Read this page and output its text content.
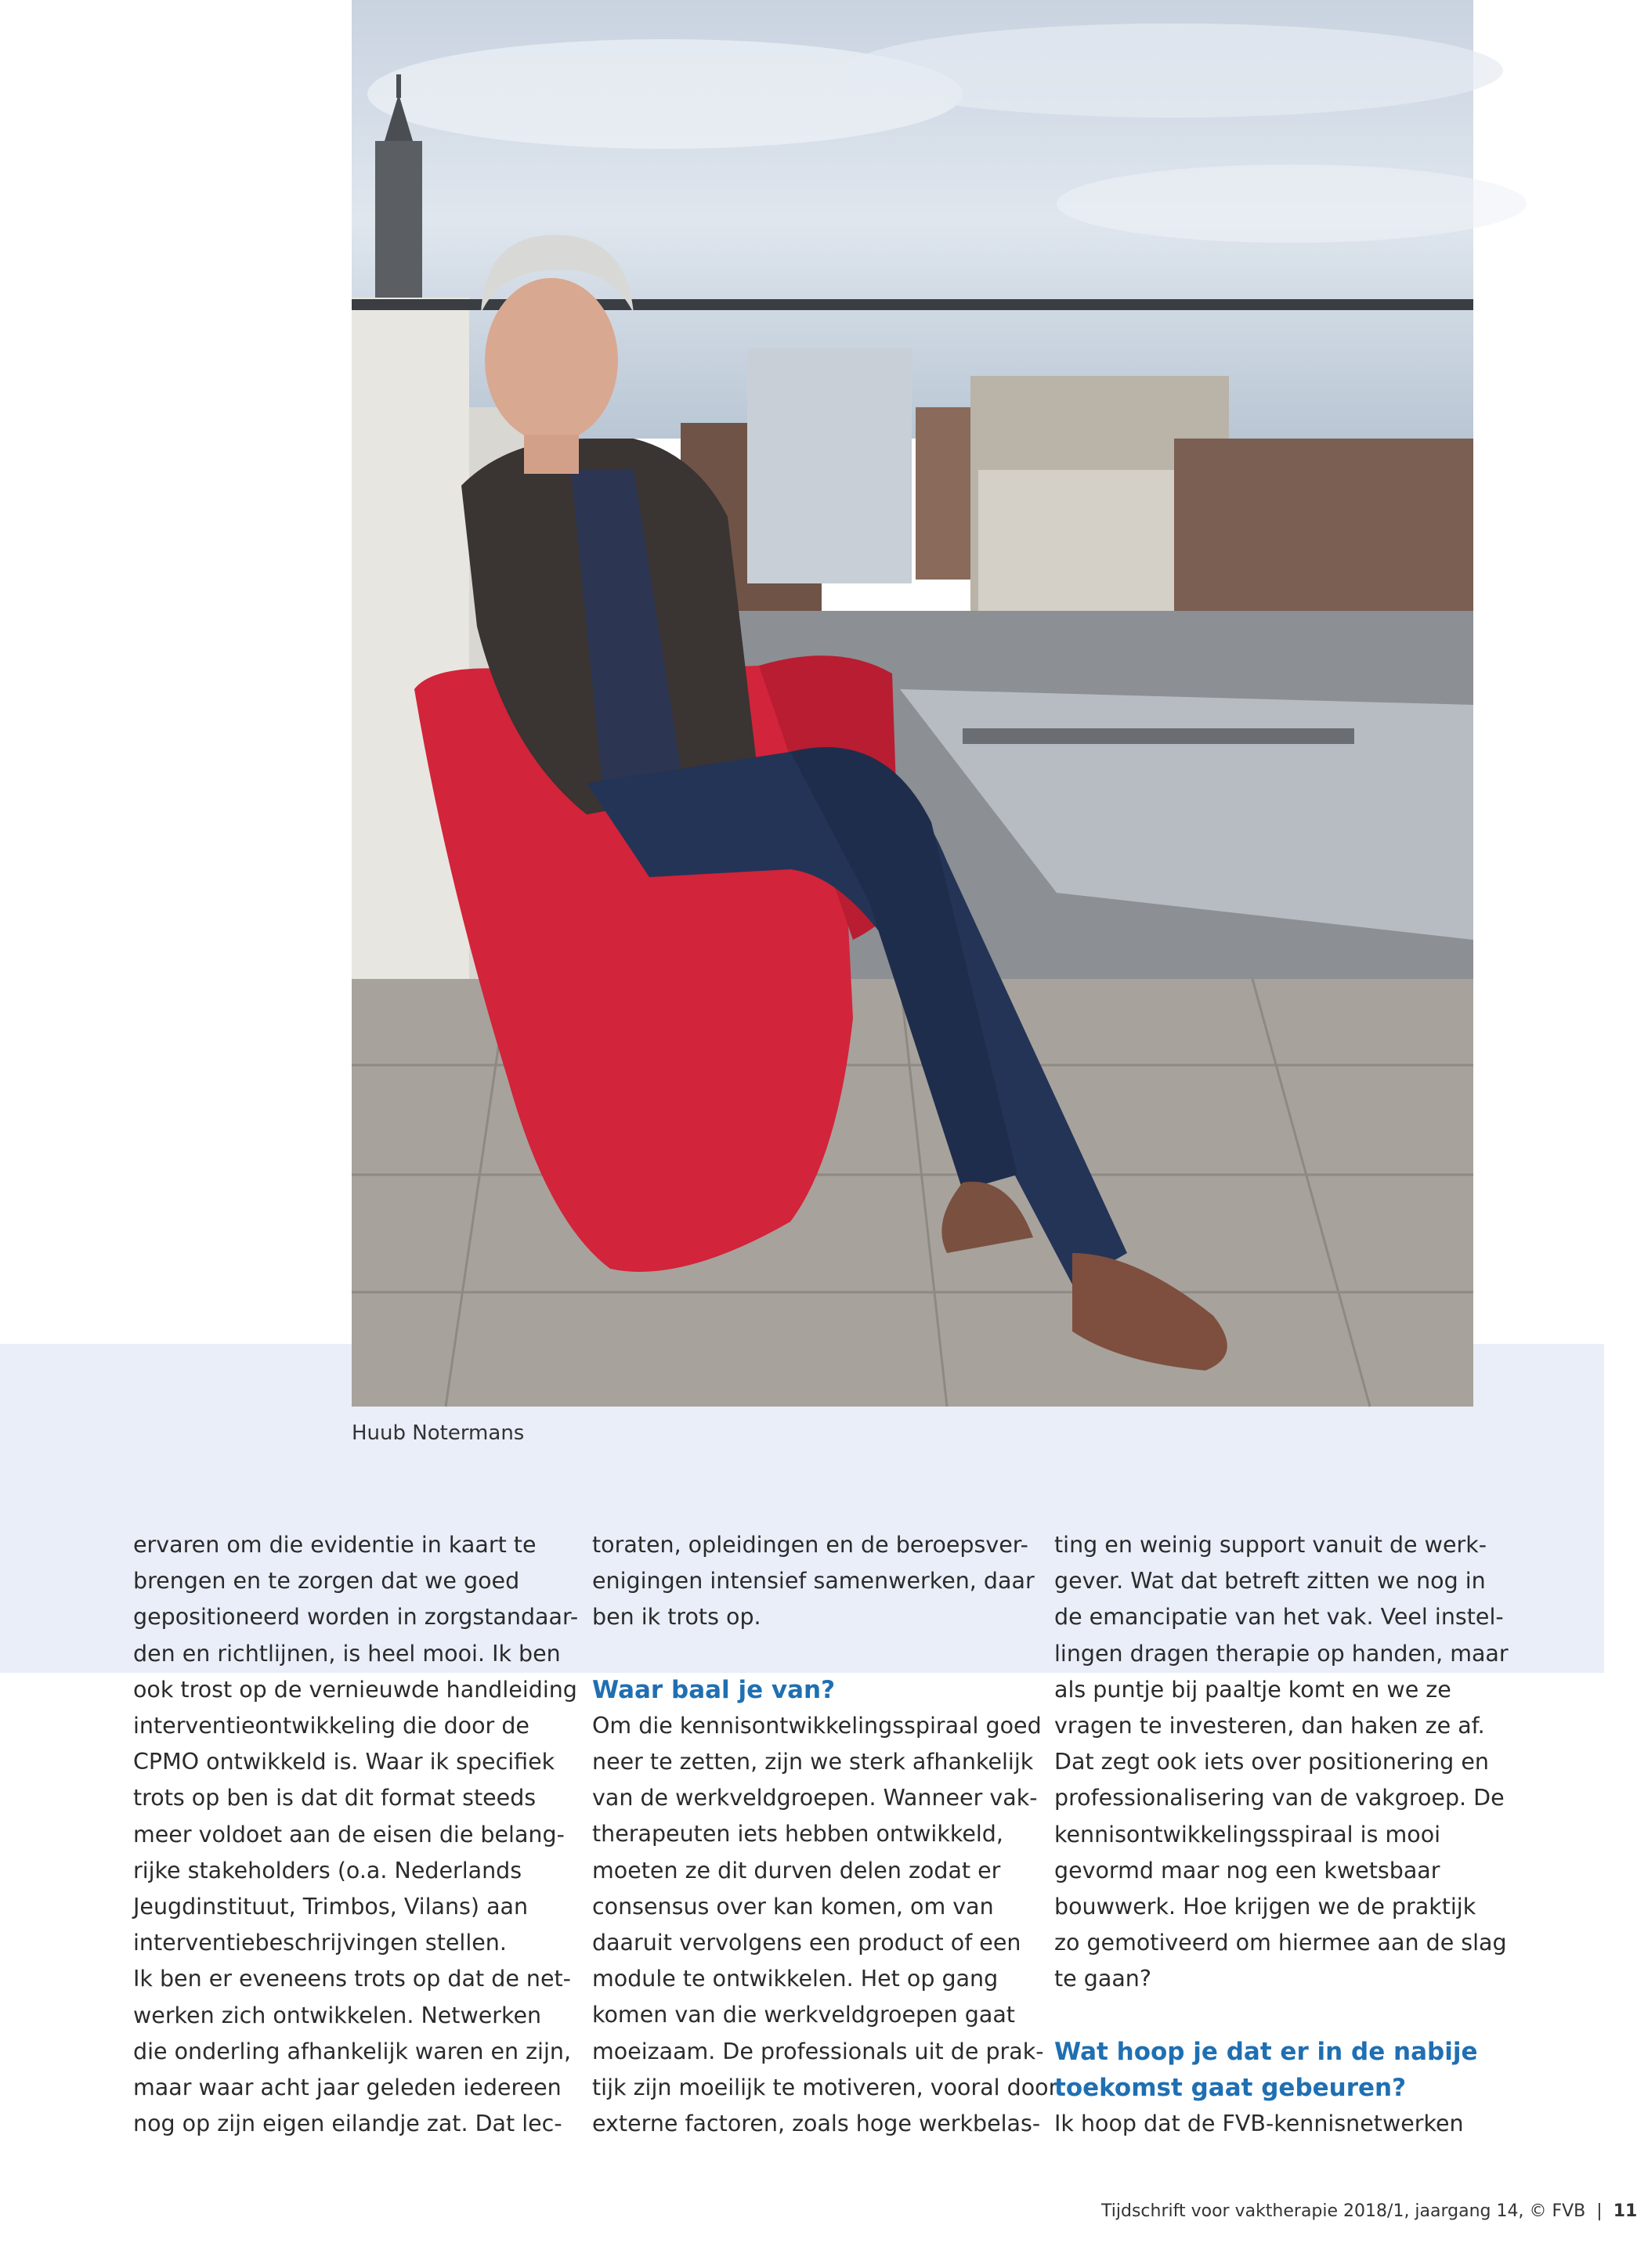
Huub Notermans
ervaren om die evidentie in kaart te
brengen en te zorgen dat we goed
gepositioneerd worden in zorgstandaar-
den en richtlijnen, is heel mooi. Ik ben
ook trost op de vernieuwde handleiding
interventieontwikkeling die door de
CPMO ontwikkeld is. Waar ik specifiek
trots op ben is dat dit format steeds
meer voldoet aan de eisen die belang-
rijke stakeholders (o.a. Nederlands
Jeugdinstituut, Trimbos, Vilans) aan
interventiebeschrijvingen stellen.
Ik ben er eveneens trots op dat de net-
werken zich ontwikkelen. Netwerken
die onderling afhankelijk waren en zijn,
maar waar acht jaar geleden iedereen
nog op zijn eigen eilandje zat. Dat lec-
toraten, opleidingen en de beroepsver-
enigingen intensief samenwerken, daar
ben ik trots op.
Waar baal je van?
Om die kennisontwikkelingsspiraal goed
neer te zetten, zijn we sterk afhankelijk
van de werkveldgroepen. Wanneer vak-
therapeuten iets hebben ontwikkeld,
moeten ze dit durven delen zodat er
consensus over kan komen, om van
daaruit vervolgens een product of een
module te ontwikkelen. Het op gang
komen van die werkveldgroepen gaat
moeizaam. De professionals uit de prak-
tijk zijn moeilijk te motiveren, vooral door
externe factoren, zoals hoge werkbelas-
ting en weinig support vanuit de werk-
gever. Wat dat betreft zitten we nog in
de emancipatie van het vak. Veel instel-
lingen dragen therapie op handen, maar
als puntje bij paaltje komt en we ze
vragen te investeren, dan haken ze af.
Dat zegt ook iets over positionering en
professionalisering van de vakgroep. De
kennisontwikkelingsspiraal is mooi
gevormd maar nog een kwetsbaar
bouwwerk. Hoe krijgen we de praktijk
zo gemotiveerd om hiermee aan de slag
te gaan?
Wat hoop je dat er in de nabije
toekomst gaat gebeuren?
Ik hoop dat de FVB-kennisnetwerken
Tijdschrift voor vaktherapie 2018/1, jaargang 14, © FVB | 11
